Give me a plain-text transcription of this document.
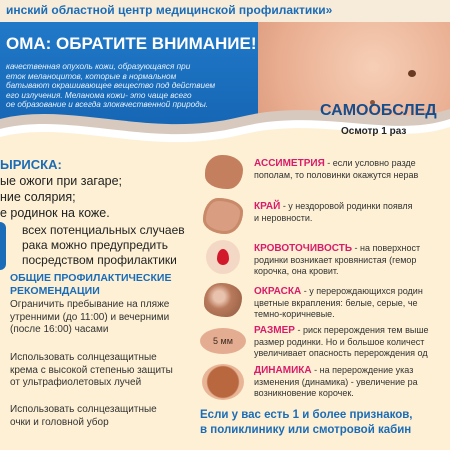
инский областной центр медицинской профилактики»
ОМА: ОБРАТИТЕ ВНИМАНИЕ!
качественная опухоль кожи, образующаяся при
еток меланоцитов, которые в нормальном
батывают окрашивающее вещество под действием
его излучения. Меланома кожи- это чаще всего
ое образование и всегда злокачественной природы.	САМООБСЛЕД
Осмотр 1 раз
ЫРИСКА:
ые ожоги при загаре;
ние солярия;
е родинок на коже.
всех потенциальных случаев
рака можно предупредить
посредством профилактики
ОБЩИЕ ПРОФИЛАКТИЧЕСКИЕ
РЕКОМЕНДАЦИИ
Ограничить пребывание на пляже
утренними (до 11:00) и вечерними
(после 16:00) часами
Использовать солнцезащитные
крема с высокой степенью защиты
от ультрафиолетовых лучей
Использовать солнцезащитные
очки и головной убор
5 мм
АССИМЕТРИЯ - если условно разде
пополам, то половинки окажутся нерав
КРАЙ - у нездоровой родинки появля
и неровности.
КРОВОТОЧИВОСТЬ - на поверхност
родинки возникает кровянистая (гемор
корочка, она кровит.
ОКРАСКА - у перерождающихся родин
цветные вкрапления: белые, серые, че
темно-коричневые.
РАЗМЕР - риск перерождения тем выше
размер родинки. Но и большое количест
увеличивает опасность перерождения од
ДИНАМИКА - на перерождение указ
изменения (динамика) - увеличение ра
возникновение корочек.
Если у вас есть 1 и более признаков,
в поликлинику или смотровой кабин
